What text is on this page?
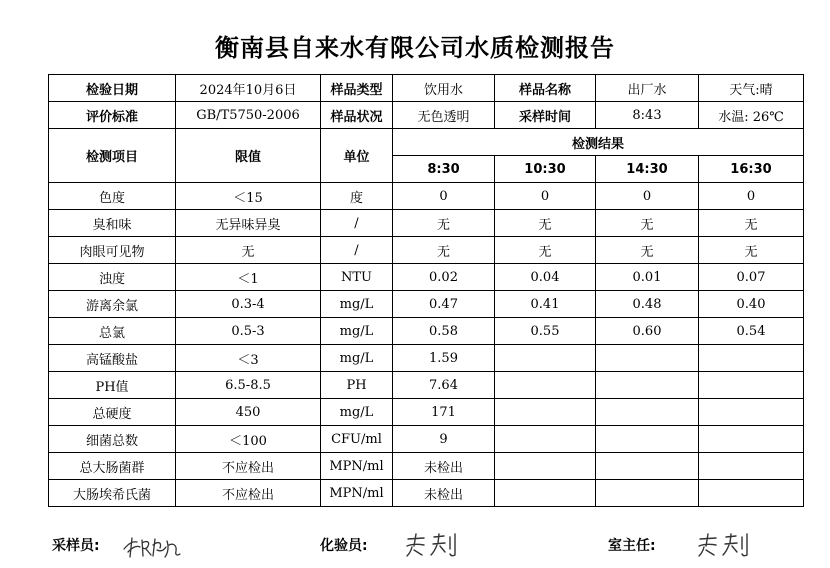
衡南县自来水有限公司水质检测报告
检验日期	2024年10月6日	样品类型	饮用水	样品名称	出厂水	天气:晴
评价标准	GB/T5750-2006	样品状况	无色透明	采样时间	8:43	水温: 26℃
检测项目	限值	单位	检测结果			
			8:30	10:30	14:30	16:30
色度	＜15	度	0	0	0	0
臭和味	无异味异臭	/	无	无	无	无
肉眼可见物	无	/	无	无	无	无
浊度	＜1	NTU	0.02	0.04	0.01	0.07
游离余氯	0.3-4	mg/L	0.47	0.41	0.48	0.40
总氯	0.5-3	mg/L	0.58	0.55	0.60	0.54
高锰酸盐	＜3	mg/L	1.59			
PH值	6.5-8.5	PH	7.64			
总硬度	450	mg/L	171			
细菌总数	＜100	CFU/ml	9			
总大肠菌群	不应检出	MPN/ml	未检出			
大肠埃希氏菌	不应检出	MPN/ml	未检出			
采样员:	化验员:	室主任:
